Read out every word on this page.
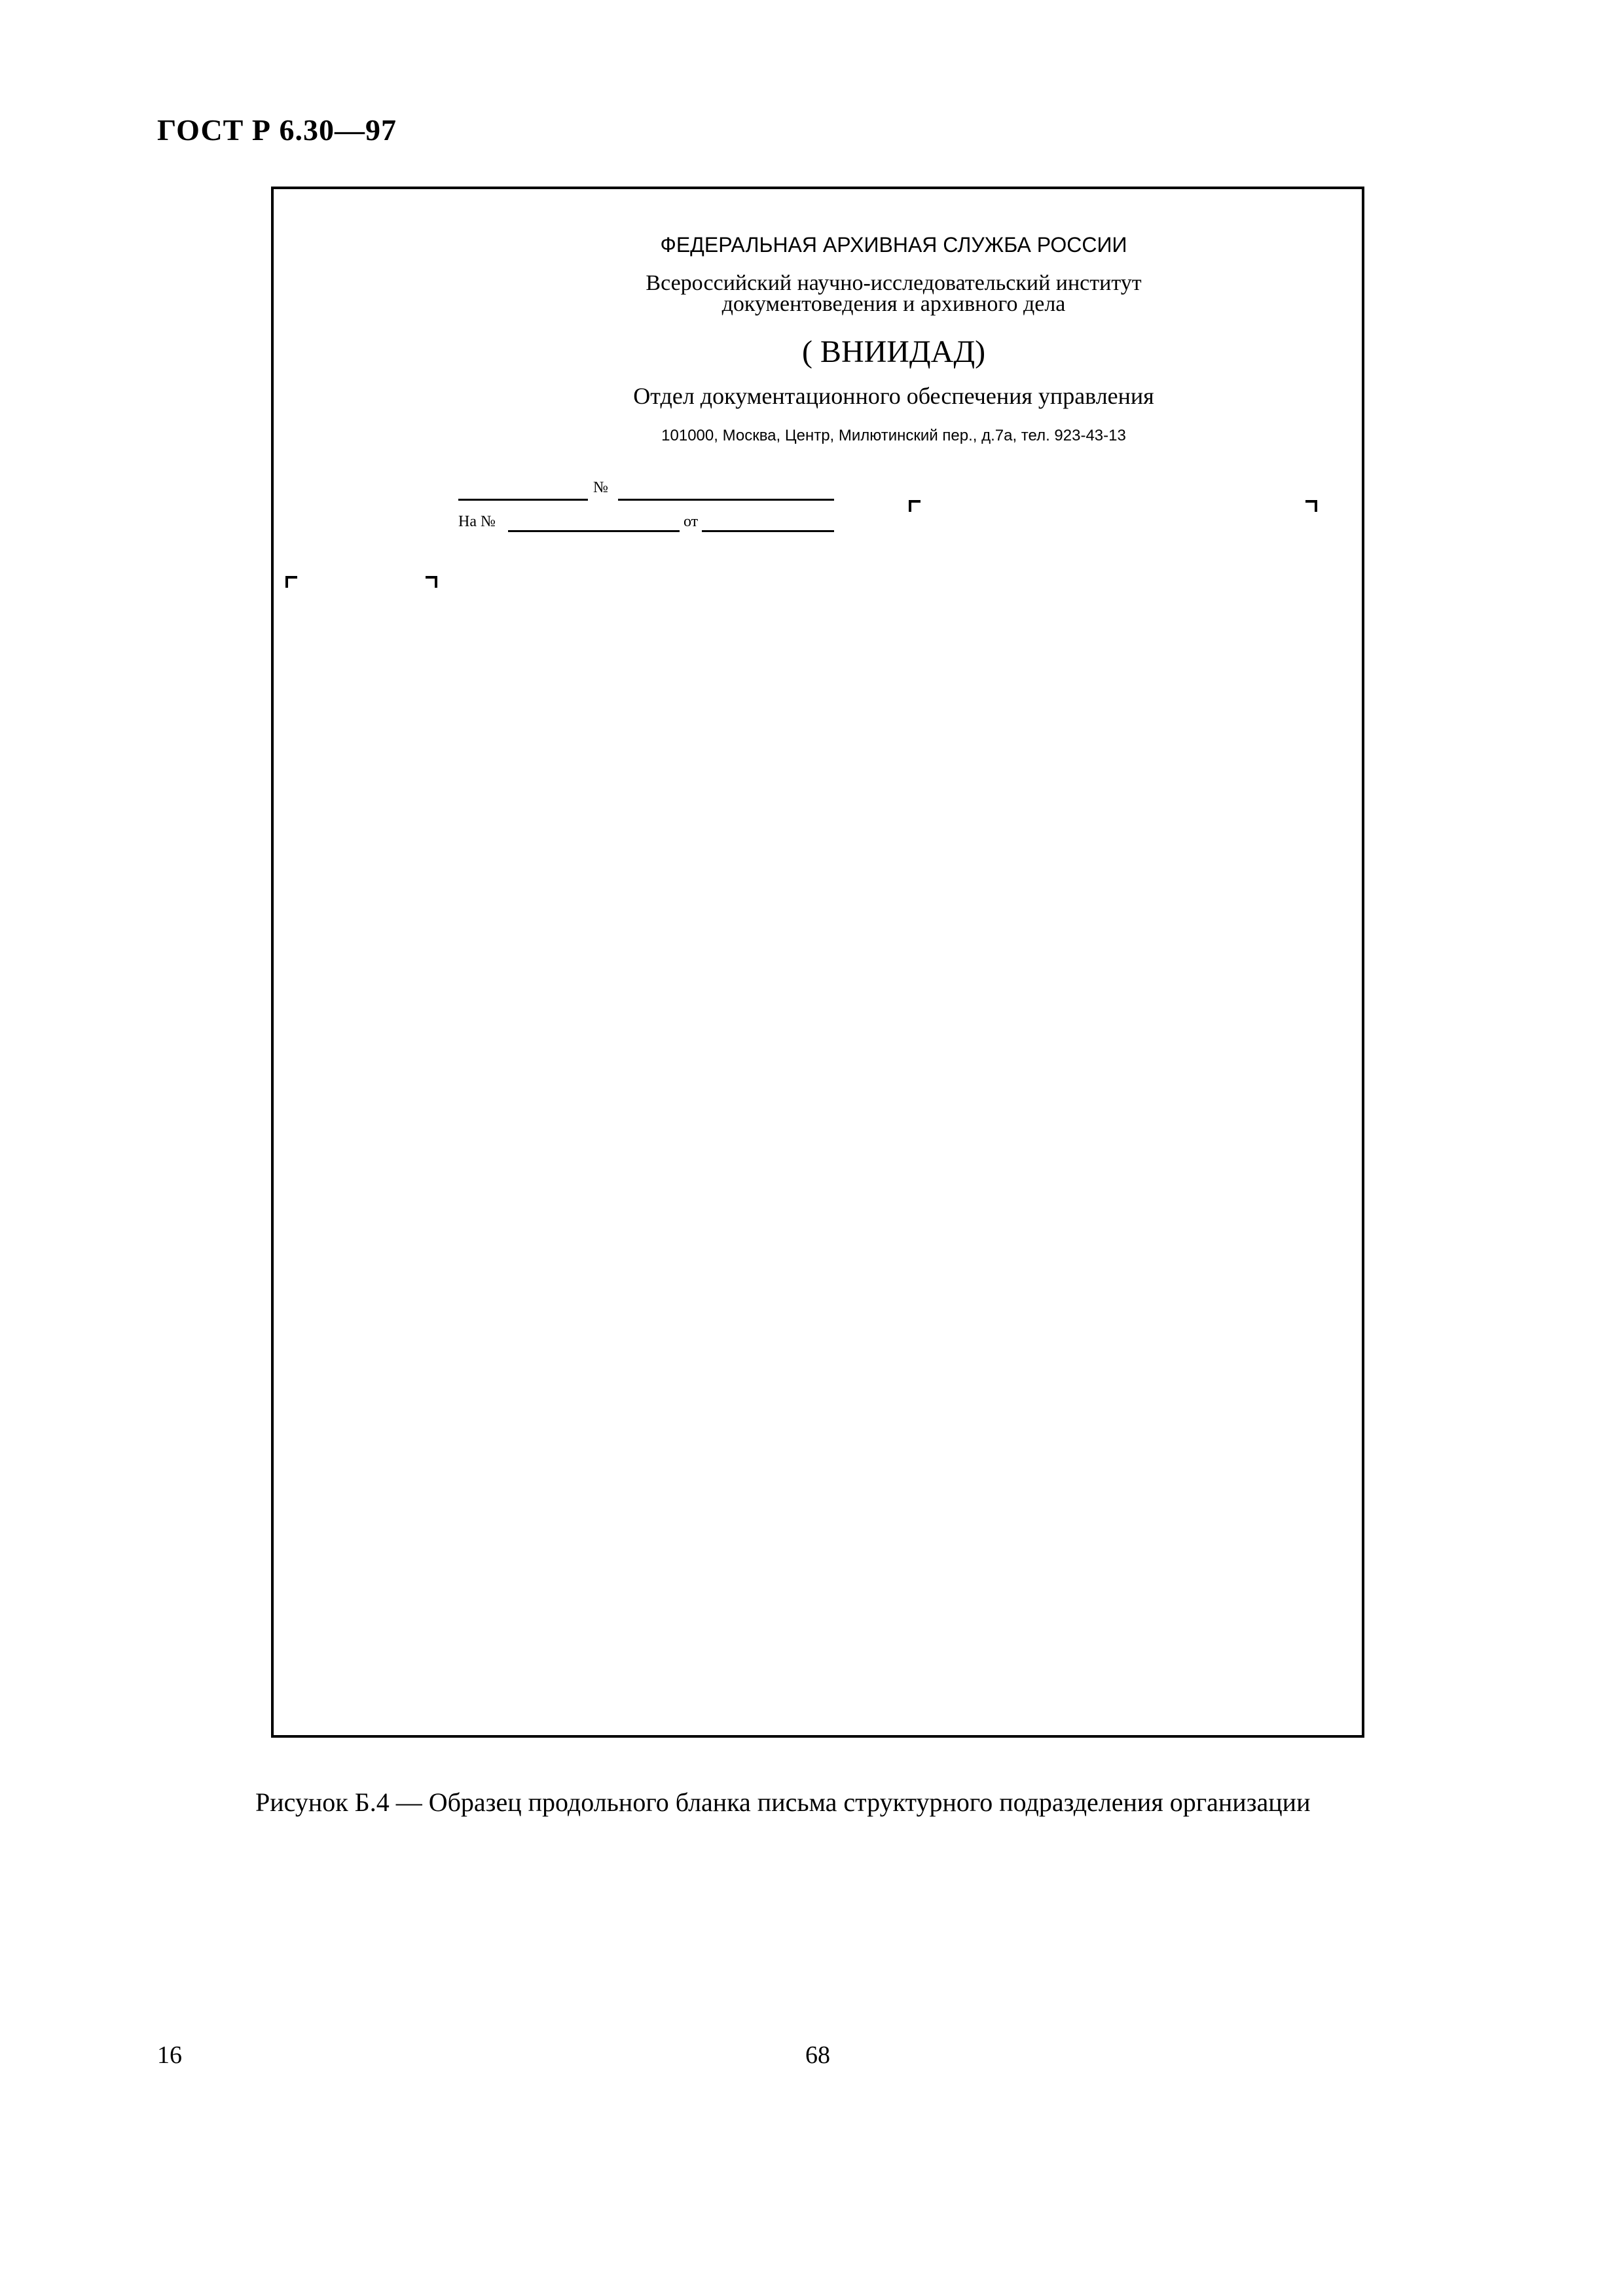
ГОСТ Р 6.30—97
ФЕДЕРАЛЬНАЯ АРХИВНАЯ СЛУЖБА РОССИИ
Всероссийский научно-исследовательский институт
документоведения и архивного дела
( ВНИИДАД)
Отдел документационного обеспечения управления
101000, Москва, Центр, Милютинский пер., д.7а, тел. 923-43-13
№
На №	от
Рисунок Б.4 — Образец продольного бланка письма структурного подразделения организации
16	68
